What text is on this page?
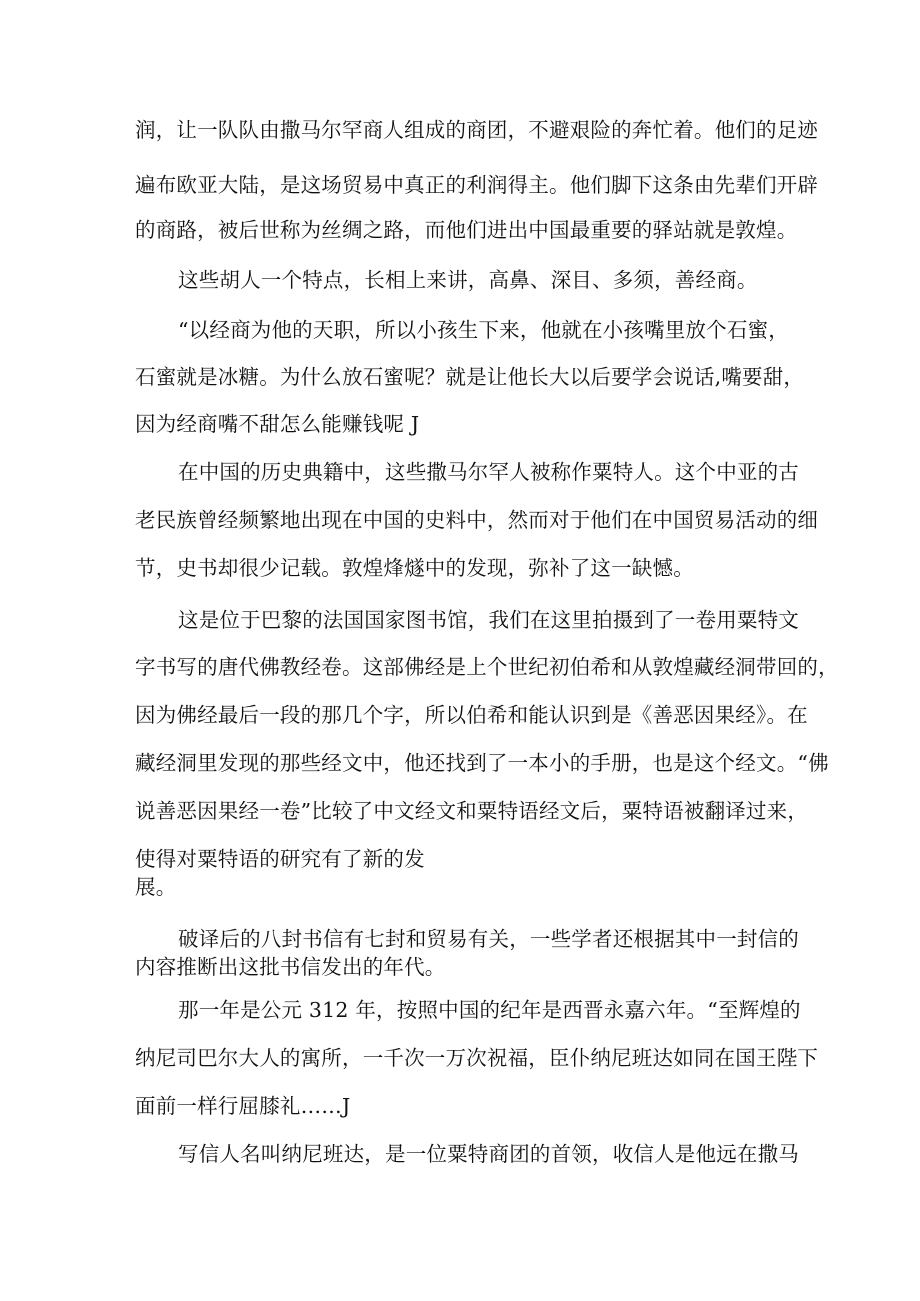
润，让一队队由撒马尔罕商人组成的商团，不避艰险的奔忙着。他们的足迹

遍布欧亚大陆，是这场贸易中真正的利润得主。他们脚下这条由先辈们开辟

的商路，被后世称为丝绸之路，而他们进出中国最重要的驿站就是敦煌。

这些胡人一个特点，长相上来讲，高鼻、深目、多须，善经商。

“以经商为他的天职，所以小孩生下来，他就在小孩嘴里放个石蜜，

石蜜就是冰糖。为什么放石蜜呢？就是让他长大以后要学会说话,嘴要甜，

因为经商嘴不甜怎么能赚钱呢 J

在中国的历史典籍中，这些撒马尔罕人被称作粟特人。这个中亚的古

老民族曾经频繁地出现在中国的史料中，然而对于他们在中国贸易活动的细

节，史书却很少记载。敦煌烽燧中的发现，弥补了这一缺憾。

这是位于巴黎的法国国家图书馆，我们在这里拍摄到了一卷用粟特文

字书写的唐代佛教经卷。这部佛经是上个世纪初伯希和从敦煌藏经洞带回的，

因为佛经最后一段的那几个字，所以伯希和能认识到是《善恶因果经》。在

藏经洞里发现的那些经文中，他还找到了一本小的手册，也是这个经文。“佛

说善恶因果经一卷”比较了中文经文和粟特语经文后，粟特语被翻译过来，

使得对粟特语的研究有了新的发

展。

破译后的八封书信有七封和贸易有关，一些学者还根据其中一封信的

内容推断出这批书信发出的年代。

那一年是公元 312 年，按照中国的纪年是西晋永嘉六年。“至辉煌的

纳尼司巴尔大人的寓所，一千次一万次祝福，臣仆纳尼班达如同在国王陛下

面前一样行屈膝礼……J

写信人名叫纳尼班达，是一位粟特商团的首领，收信人是他远在撒马
